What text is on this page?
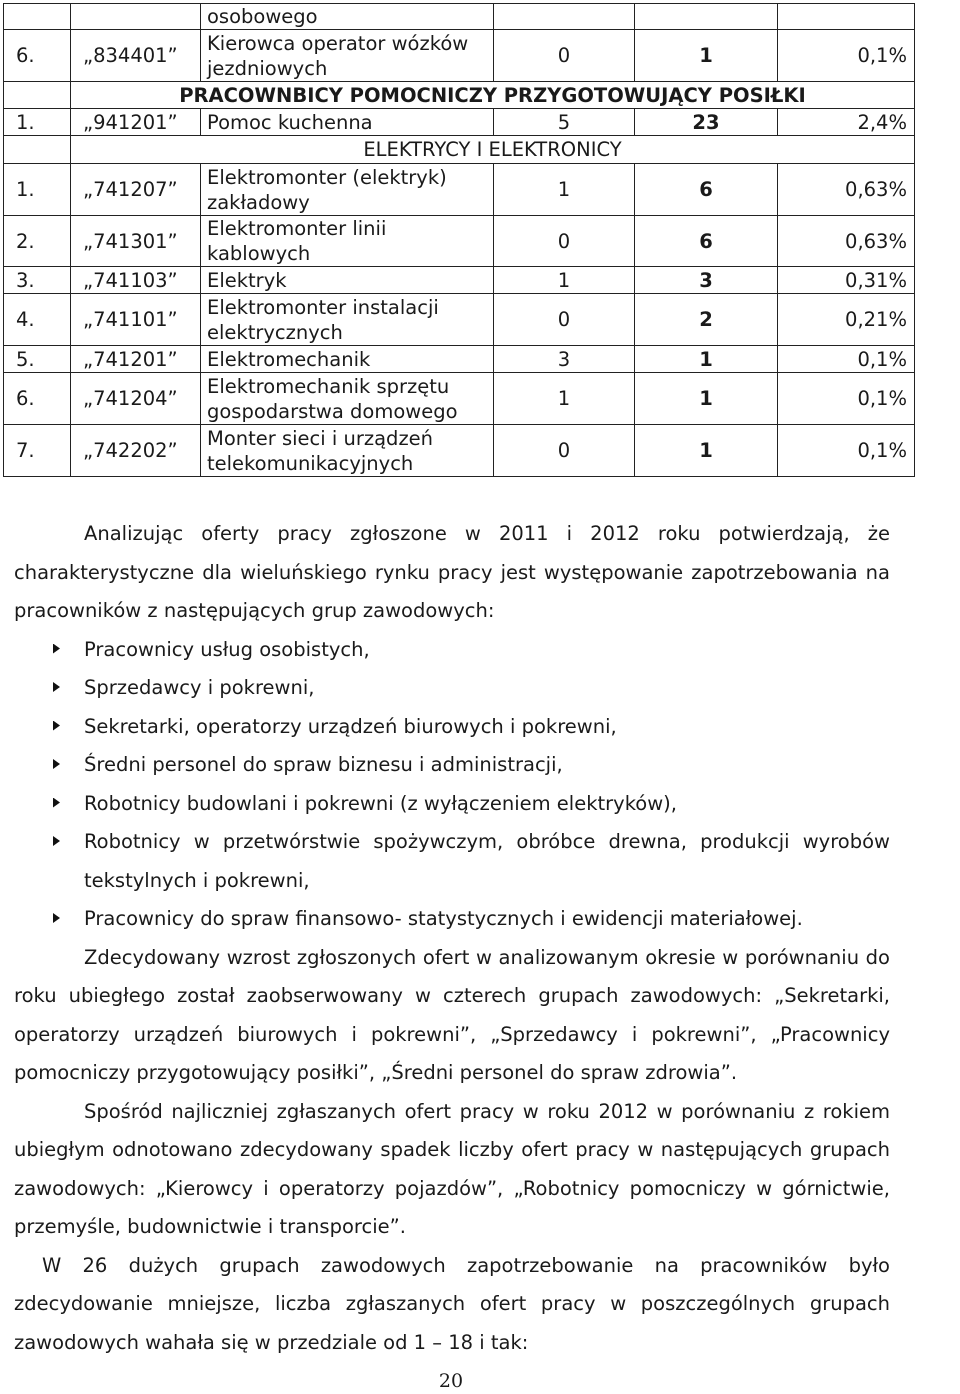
		osobowego			
6.	„834401”	Kierowca operator wózków jezdniowych	0	1	0,1%
	PRACOWNBICY POMOCNICZY PRZYGOTOWUJĄCY POSIŁKI				
1.	„941201”	Pomoc kuchenna	5	23	2,4%
	ELEKTRYCY I ELEKTRONICY				
1.	„741207”	Elektromonter (elektryk) zakładowy	1	6	0,63%
2.	„741301”	Elektromonter linii kablowych	0	6	0,63%
3.	„741103”	Elektryk	1	3	0,31%
4.	„741101”	Elektromonter instalacji elektrycznych	0	2	0,21%
5.	„741201”	Elektromechanik	3	1	0,1%
6.	„741204”	Elektromechanik sprzętu gospodarstwa domowego	1	1	0,1%
7.	„742202”	Monter sieci i urządzeń telekomunikacyjnych	0	1	0,1%

Analizując oferty pracy zgłoszone w 2011 i 2012 roku potwierdzają, że charakterystyczne dla wieluńskiego rynku pracy jest występowanie zapotrzebowania na pracowników z następujących grup zawodowych:

Pracownicy usług osobistych,
Sprzedawcy i pokrewni,
Sekretarki, operatorzy urządzeń biurowych i pokrewni,
Średni personel do spraw biznesu i administracji,
Robotnicy budowlani i pokrewni (z wyłączeniem elektryków),
Robotnicy w przetwórstwie spożywczym, obróbce drewna, produkcji wyrobów tekstylnych i pokrewni,
Pracownicy do spraw finansowo- statystycznych i ewidencji materiałowej.

Zdecydowany wzrost zgłoszonych ofert w analizowanym okresie w porównaniu do roku ubiegłego został zaobserwowany w czterech grupach zawodowych: „Sekretarki, operatorzy urządzeń biurowych i pokrewni”, „Sprzedawcy i pokrewni”, „Pracownicy pomocniczy przygotowujący posiłki”, „Średni personel do spraw zdrowia”.

Spośród najliczniej zgłaszanych ofert pracy w roku 2012 w porównaniu z rokiem ubiegłym odnotowano zdecydowany spadek liczby ofert pracy w następujących grupach zawodowych: „Kierowcy i operatorzy pojazdów”, „Robotnicy pomocniczy w górnictwie, przemyśle, budownictwie i transporcie”.

W 26 dużych grupach zawodowych zapotrzebowanie na pracowników było zdecydowanie mniejsze, liczba zgłaszanych ofert pracy w poszczególnych grupach zawodowych wahała się w przedziale od 1 – 18 i tak:

20
